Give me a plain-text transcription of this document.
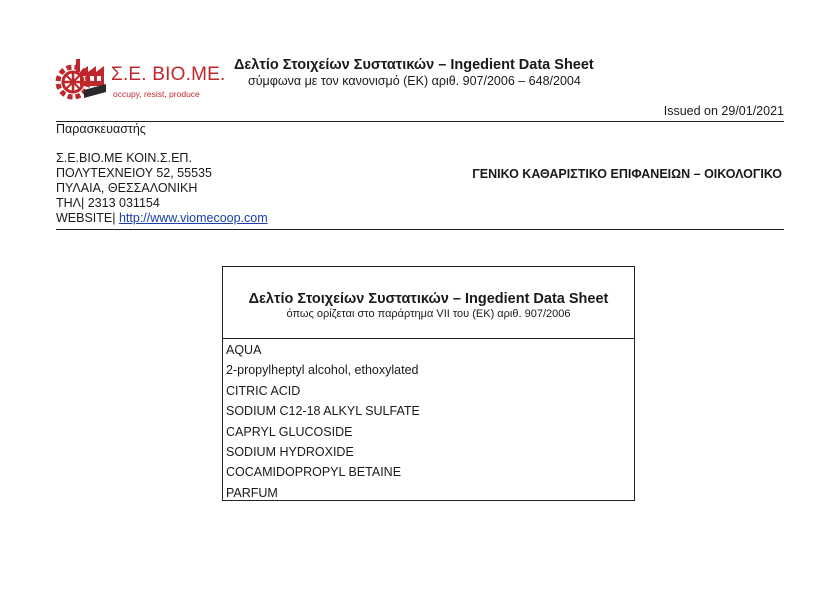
Σ.Ε. ΒΙΟ.ΜΕ.
occupy, resist, produce
Δελτίο Στοιχείων Συστατικών – Ingedient Data Sheet
σύμφωνα με τον κανονισμό (ΕΚ) αριθ. 907/2006 – 648/2004
Issued on 29/01/2021
Παρασκευαστής
Σ.Ε.ΒΙΟ.ΜΕ ΚΟΙΝ.Σ.ΕΠ.
ΠΟΛΥΤΕΧΝΕΙΟΥ 52, 55535
ΠΥΛΑΙΑ, ΘΕΣΣΑΛΟΝΙΚΗ
ΤΗΛ| 2313 031154
WEBSITE| http://www.viomecoop.com
ΓΕΝΙΚΟ ΚΑΘΑΡΙΣΤΙΚΟ ΕΠΙΦΑΝΕΙΩΝ – ΟΙΚΟΛΟΓΙΚΟ
Δελτίο Στοιχείων Συστατικών – Ingedient Data Sheet
όπως ορίζεται στο παράρτημα VII του (ΕΚ) αριθ. 907/2006
AQUA
2-propylheptyl alcohol, ethoxylated
CITRIC ACID
SODIUM C12-18 ALKYL SULFATE
CAPRYL GLUCOSIDE
SODIUM HYDROXIDE
COCAMIDOPROPYL BETAINE
PARFUM
